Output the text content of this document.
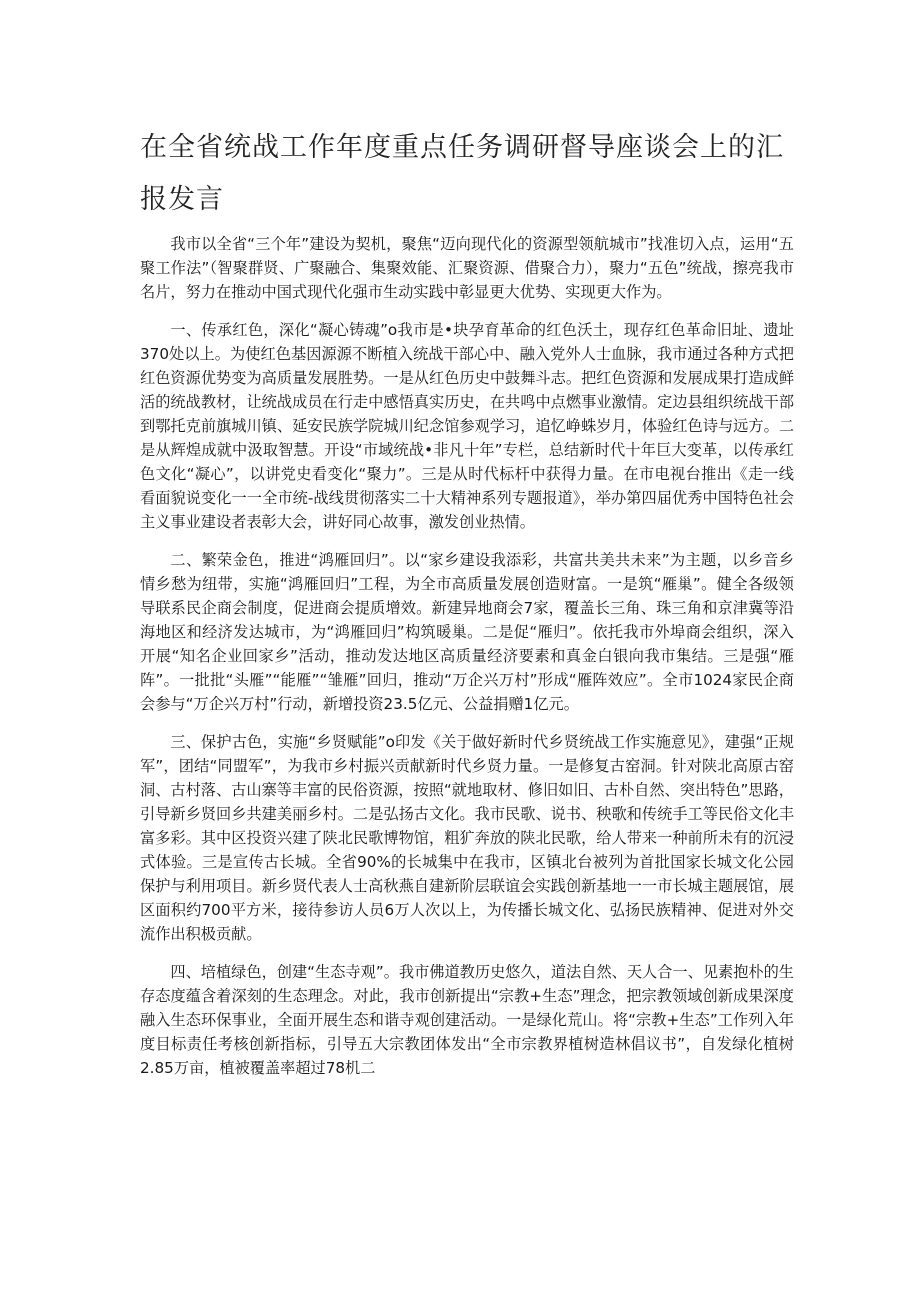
在全省统战工作年度重点任务调研督导座谈会上的汇报发言

我市以全省“三个年”建设为契机，聚焦“迈向现代化的资源型领航城市”找准切入点，运用“五聚工作法”（智聚群贤、广聚融合、集聚效能、汇聚资源、借聚合力），聚力“五色”统战，擦亮我市名片，努力在推动中国式现代化强市生动实践中彰显更大优势、实现更大作为。

一、传承红色，深化“凝心铸魂”o我市是•块孕育革命的红色沃土，现存红色革命旧址、遗址370处以上。为使红色基因源源不断植入统战干部心中、融入党外人士血脉，我市通过各种方式把红色资源优势变为高质量发展胜势。一是从红色历史中鼓舞斗志。把红色资源和发展成果打造成鲜活的统战教材，让统战成员在行走中感悟真实历史，在共鸣中点燃事业激情。定边县组织统战干部到鄂托克前旗城川镇、延安民族学院城川纪念馆参观学习，追忆峥蛛岁月，体验红色诗与远方。二是从辉煌成就中汲取智慧。开设“市域统战•非凡十年”专栏，总结新时代十年巨大变革，以传承红色文化“凝心”，以讲党史看变化“聚力”。三是从时代标杆中获得力量。在市电视台推出《走一线看面貌说变化一一全市统-战线贯彻落实二十大精神系列专题报道》，举办第四届优秀中国特色社会主义事业建设者表彰大会，讲好同心故事，激发创业热情。

二、繁荣金色，推进“鸿雁回归”。以“家乡建设我添彩，共富共美共未来”为主题，以乡音乡情乡愁为纽带，实施“鸿雁回归”工程，为全市高质量发展创造财富。一是筑“雁巢”。健全各级领导联系民企商会制度，促进商会提质增效。新建异地商会7家，覆盖长三角、珠三角和京津冀等沿海地区和经济发达城市，为“鸿雁回归”构筑暖巢。二是促“雁归”。依托我市外埠商会组织，深入开展“知名企业回家乡”活动，推动发达地区高质量经济要素和真金白银向我市集结。三是强“雁阵”。一批批“头雁”“能雁”“雏雁”回归，推动“万企兴万村”形成“雁阵效应”。全市1024家民企商会参与“万企兴万村”行动，新增投资23.5亿元、公益捐赠1亿元。

三、保护古色，实施“乡贤赋能”o印发《关于做好新时代乡贤统战工作实施意见》，建强“正规军”，团结“同盟军”，为我市乡村振兴贡献新时代乡贤力量。一是修复古窑洞。针对陕北高原古窑洞、古村落、古山寨等丰富的民俗资源，按照“就地取材、修旧如旧、古朴自然、突出特色”思路，引导新乡贤回乡共建美丽乡村。二是弘扬古文化。我市民歌、说书、秧歌和传统手工等民俗文化丰富多彩。其中区投资兴建了陕北民歌博物馆，粗犷奔放的陕北民歌，给人带来一种前所未有的沉浸式体验。三是宣传古长城。全省90%的长城集中在我市，区镇北台被列为首批国家长城文化公园保护与利用项目。新乡贤代表人士高秋燕自建新阶层联谊会实践创新基地一一市长城主题展馆，展区面积约700平方米，接待参访人员6万人次以上，为传播长城文化、弘扬民族精神、促进对外交流作出积极贡献。

四、培植绿色，创建“生态寺观”。我市佛道教历史悠久，道法自然、天人合一、见素抱朴的生存态度蕴含着深刻的生态理念。对此，我市创新提出“宗教+生态”理念，把宗教领域创新成果深度融入生态环保事业，全面开展生态和谐寺观创建活动。一是绿化荒山。将“宗教+生态”工作列入年度目标责任考核创新指标，引导五大宗教团体发出“全市宗教界植树造林倡议书”，自发绿化植树2.85万亩，植被覆盖率超过78机二
